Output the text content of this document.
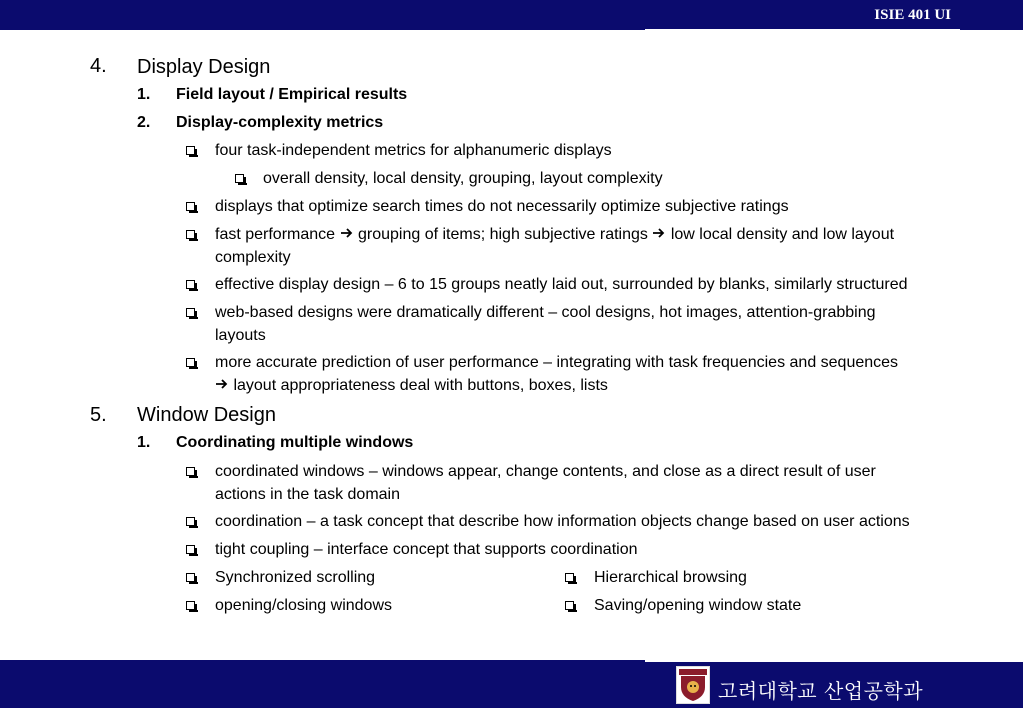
ISIE 401 UI
4. Display Design
1. Field layout / Empirical results
2. Display-complexity metrics
four task-independent metrics for alphanumeric displays
overall density, local density, grouping, layout complexity
displays that optimize search times do not necessarily optimize subjective ratings
fast performance grouping of items; high subjective ratings low local density and low layout
complexity
effective display design – 6 to 15 groups neatly laid out, surrounded by blanks, similarly structured
web-based designs were dramatically different – cool designs, hot images, attention-grabbing
layouts
more accurate prediction of user performance – integrating with task frequencies and sequences
layout appropriateness deal with buttons, boxes, lists
5. Window Design
1. Coordinating multiple windows
coordinated windows – windows appear, change contents, and close as a direct result of user
actions in the task domain
coordination – a task concept that describe how information objects change based on user actions
tight coupling – interface concept that supports coordination
Synchronized scrolling	Hierarchical browsing
opening/closing windows	Saving/opening window state
고려대학교 산업공학과
